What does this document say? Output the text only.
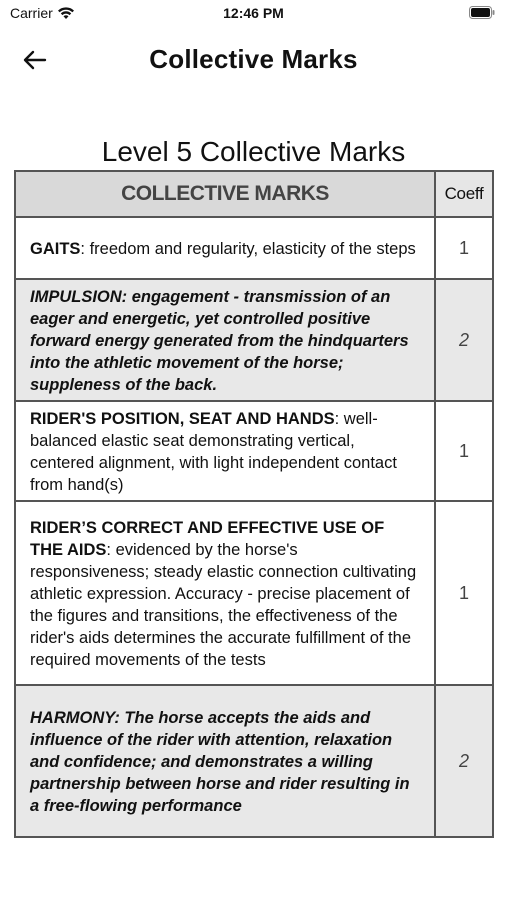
Carrier	12:46 PM
Collective Marks
Level 5 Collective Marks
COLLECTIVE MARKS	Coeff
GAITS: freedom and regularity, elasticity of the steps	1
IMPULSION: engagement - transmission of an eager and energetic, yet controlled positive forward energy generated from the hindquarters into the athletic movement of the horse; suppleness of the back.	2
RIDER'S POSITION, SEAT AND HANDS: well-balanced elastic seat demonstrating vertical, centered alignment, with light independent contact from hand(s)	1
RIDER’S CORRECT AND EFFECTIVE USE OF THE AIDS: evidenced by the horse's responsiveness; steady elastic connection cultivating athletic expression. Accuracy - precise placement of the figures and transitions, the effectiveness of the rider's aids determines the accurate fulfillment of the required movements of the tests	1
HARMONY: The horse accepts the aids and influence of the rider with attention, relaxation and confidence; and demonstrates a willing partnership between horse and rider resulting in a free-flowing performance	2
